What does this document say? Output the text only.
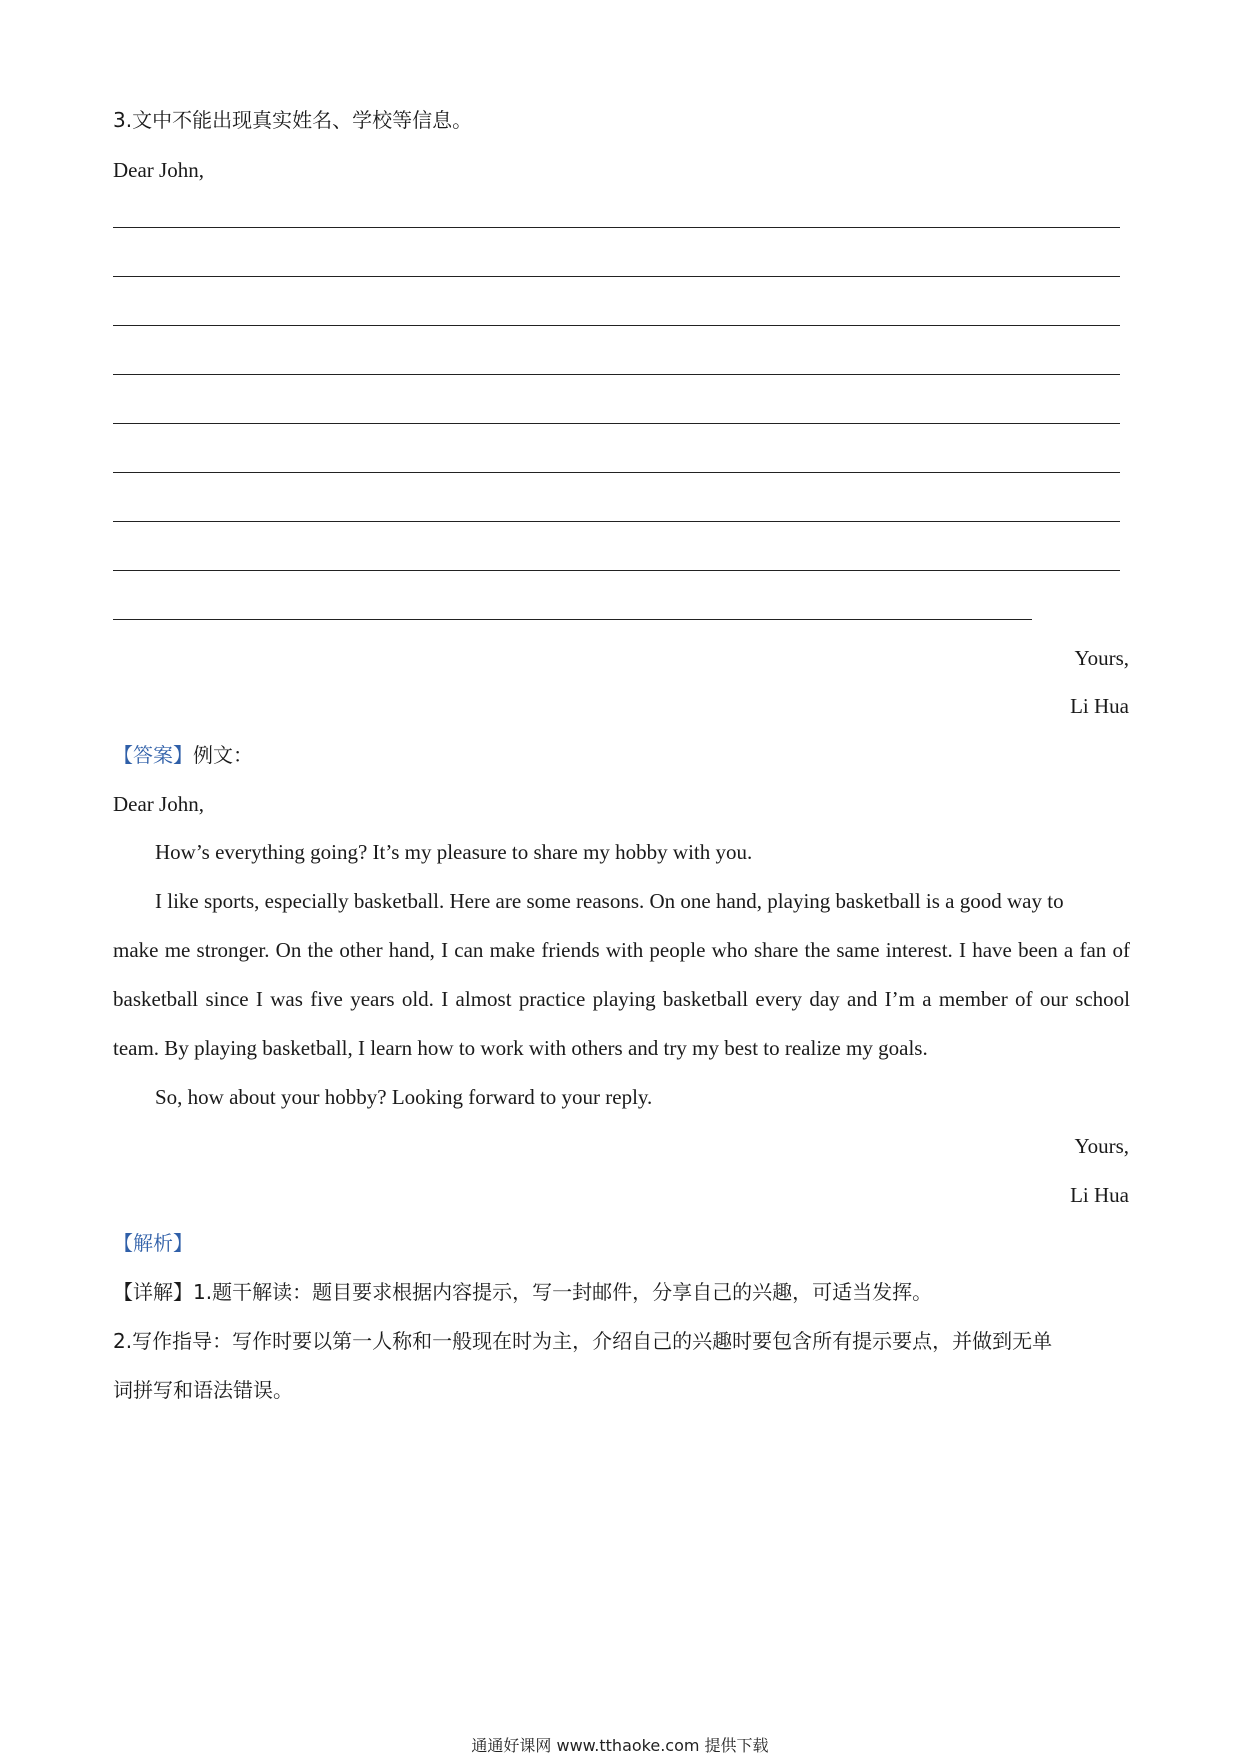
3.文中不能出现真实姓名、学校等信息。
Dear John,
Yours,
Li Hua
【答案】例文：
Dear John,
How’s everything going? It’s my pleasure to share my hobby with you.
I like sports, especially basketball. Here are some reasons. On one hand, playing basketball is a good way to
make me stronger. On the other hand, I can make friends with people who share the same interest. I have been a fan of
basketball since I was five years old. I almost practice playing basketball every day and I’m a member of our school
team. By playing basketball, I learn how to work with others and try my best to realize my goals.
So, how about your hobby? Looking forward to your reply.
Yours,
Li Hua
【解析】
【详解】1.题干解读：题目要求根据内容提示，写一封邮件，分享自己的兴趣，可适当发挥。
2.写作指导：写作时要以第一人称和一般现在时为主，介绍自己的兴趣时要包含所有提示要点，并做到无单
词拼写和语法错误。
通通好课网 www.tthaoke.com 提供下载
